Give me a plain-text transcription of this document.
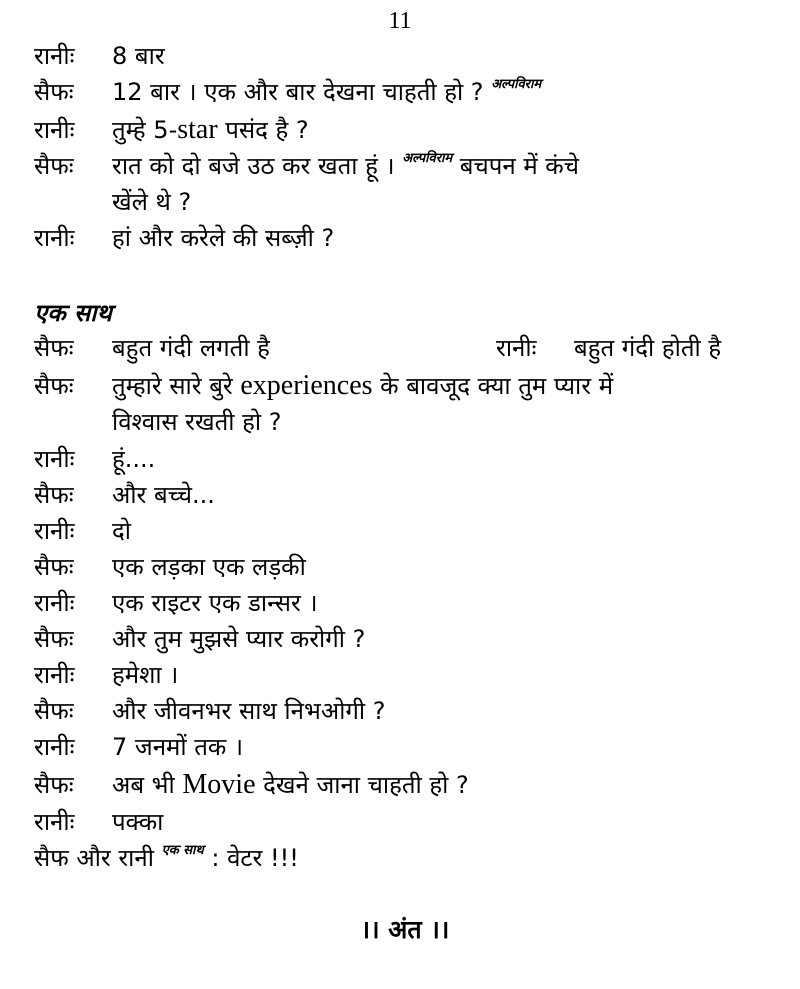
11
रानीः 8 बार
सैफः 12 बार । एक और बार देखना चाहती हो ? $^{अल्पविराम}$
रानीः तुम्हे 5-star पसंद है ?
सैफः रात को दो बजे उठ कर खता हूं । $^{अल्पविराम}$ बचपन में कंचे
खेंले थे ?
रानीः हां और करेले की सब्ज़ी ?
एक साथ
सैफः बहुत गंदी लगती है	रानीः बहुत गंदी होती है
सैफः तुम्हारे सारे बुरे experiences के बावजूद क्या तुम प्यार में
विश्वास रखती हो ?
रानीः हूं....
सैफः और बच्चे...
रानीः दो
सैफः एक लड़का एक लड़की
रानीः एक राइटर एक डान्सर ।
सैफः और तुम मुझसे प्यार करोगी ?
रानीः हमेशा ।
सैफः और जीवनभर साथ निभओगी ?
रानीः 7 जनमों तक ।
सैफः अब भी Movie देखने जाना चाहती हो ?
रानीः पक्का
सैफ और रानी $^{एक साथ}$ : वेटर !!!
।। अंत ।।
